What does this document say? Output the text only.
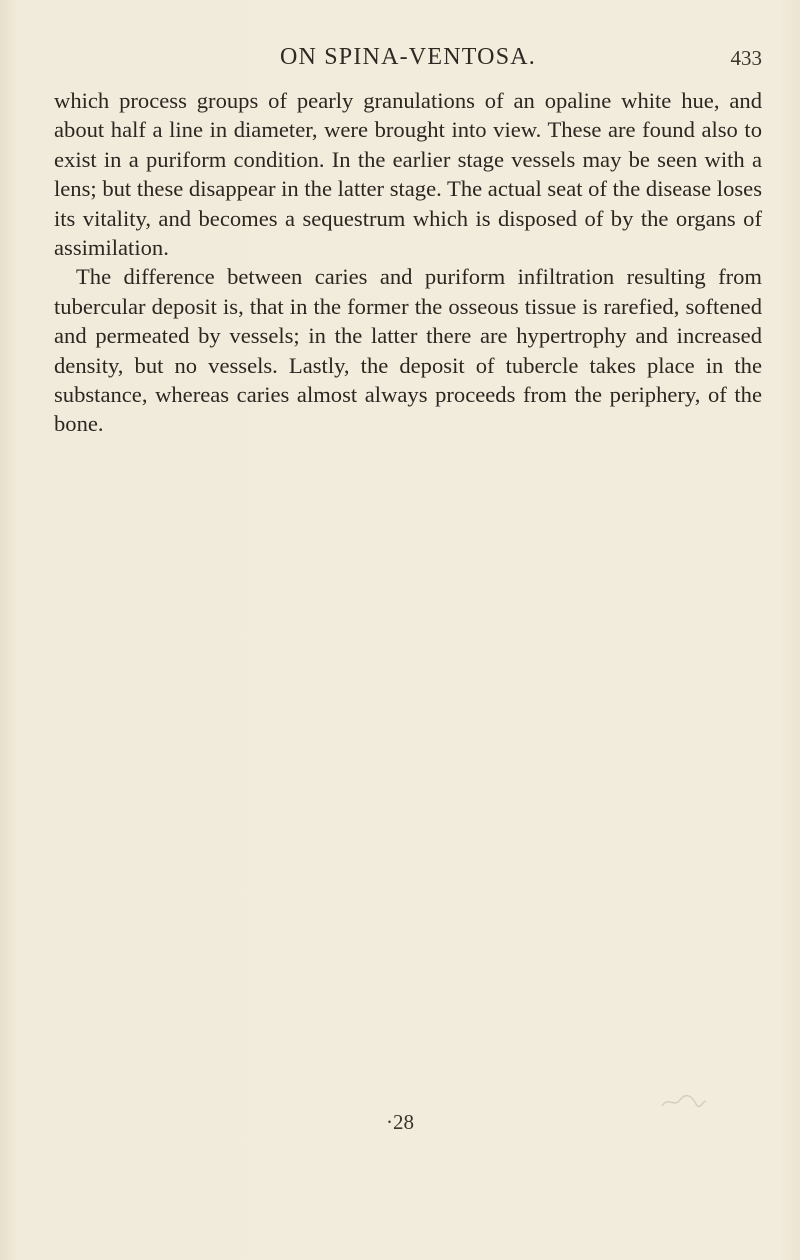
ON SPINA-VENTOSA.	433

which process groups of pearly granulations of an opaline white hue, and about half a line in diameter, were brought into view. These are found also to exist in a puriform condition. In the earlier stage vessels may be seen with a lens; but these disappear in the latter stage. The actual seat of the disease loses its vitality, and becomes a sequestrum which is disposed of by the organs of assimilation.

The difference between caries and puriform infiltration resulting from tubercular deposit is, that in the former the osseous tissue is rarefied, softened and permeated by vessels; in the latter there are hypertrophy and increased density, but no vessels. Lastly, the deposit of tubercle takes place in the substance, whereas caries almost always proceeds from the periphery, of the bone.

·28
